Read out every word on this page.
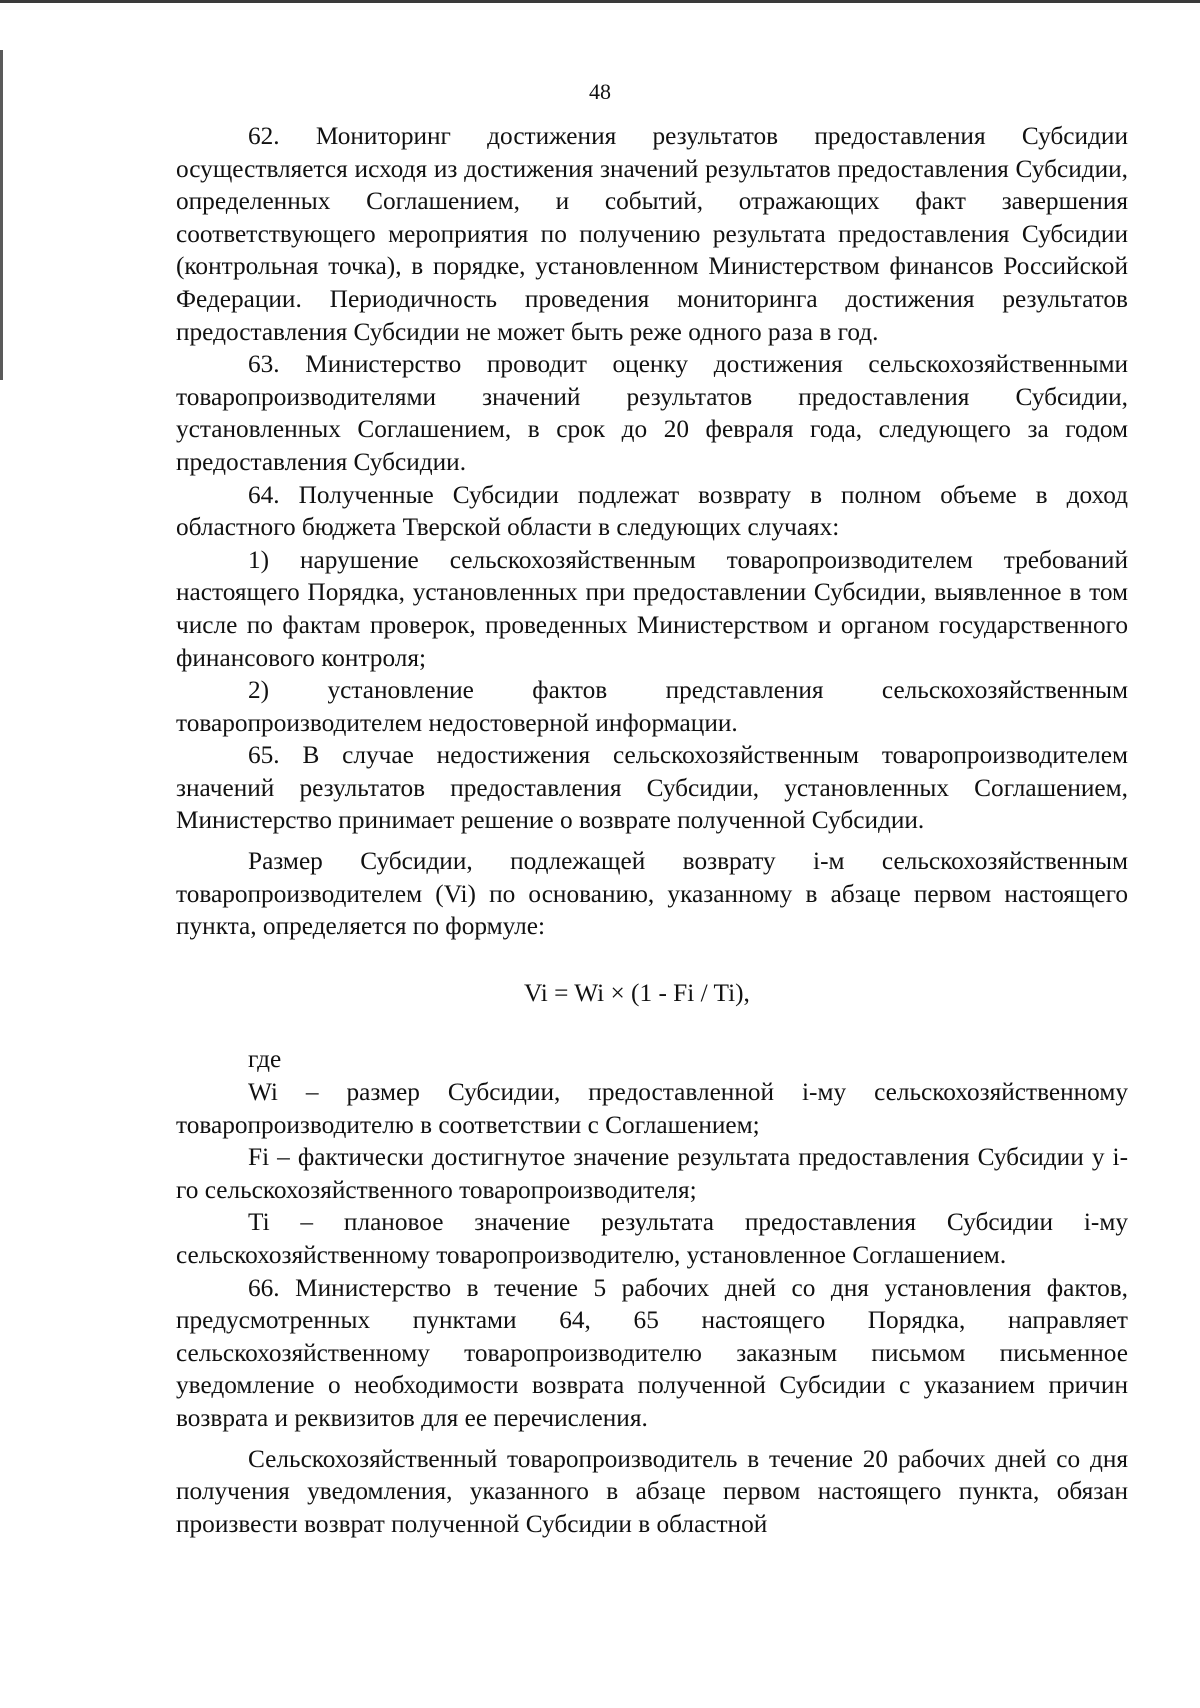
48

62. Мониторинг достижения результатов предоставления Субсидии осуществляется исходя из достижения значений результатов предоставления Субсидии, определенных Соглашением, и событий, отражающих факт завершения соответствующего мероприятия по получению результата предоставления Субсидии (контрольная точка), в порядке, установленном Министерством финансов Российской Федерации. Периодичность проведения мониторинга достижения результатов предоставления Субсидии не может быть реже одного раза в год.

63. Министерство проводит оценку достижения сельскохозяйственными товаропроизводителями значений результатов предоставления Субсидии, установленных Соглашением, в срок до 20 февраля года, следующего за годом предоставления Субсидии.

64. Полученные Субсидии подлежат возврату в полном объеме в доход областного бюджета Тверской области в следующих случаях:

1) нарушение сельскохозяйственным товаропроизводителем требований настоящего Порядка, установленных при предоставлении Субсидии, выявленное в том числе по фактам проверок, проведенных Министерством и органом государственного финансового контроля;

2) установление фактов представления сельскохозяйственным товаропроизводителем недостоверной информации.

65. В случае недостижения сельскохозяйственным товаропроизводителем значений результатов предоставления Субсидии, установленных Соглашением, Министерство принимает решение о возврате полученной Субсидии.

Размер Субсидии, подлежащей возврату i-м сельскохозяйственным товаропроизводителем (Vi) по основанию, указанному в абзаце первом настоящего пункта, определяется по формуле:

Vi = Wi × (1 - Fi / Ti),

где

Wi – размер Субсидии, предоставленной i-му сельскохозяйственному товаропроизводителю в соответствии с Соглашением;

Fi – фактически достигнутое значение результата предоставления Субсидии у i-го сельскохозяйственного товаропроизводителя;

Ti – плановое значение результата предоставления Субсидии i-му сельскохозяйственному товаропроизводителю, установленное Соглашением.

66. Министерство в течение 5 рабочих дней со дня установления фактов, предусмотренных пунктами 64, 65 настоящего Порядка, направляет сельскохозяйственному товаропроизводителю заказным письмом письменное уведомление о необходимости возврата полученной Субсидии с указанием причин возврата и реквизитов для ее перечисления.

Сельскохозяйственный товаропроизводитель в течение 20 рабочих дней со дня получения уведомления, указанного в абзаце первом настоящего пункта, обязан произвести возврат полученной Субсидии в областной
